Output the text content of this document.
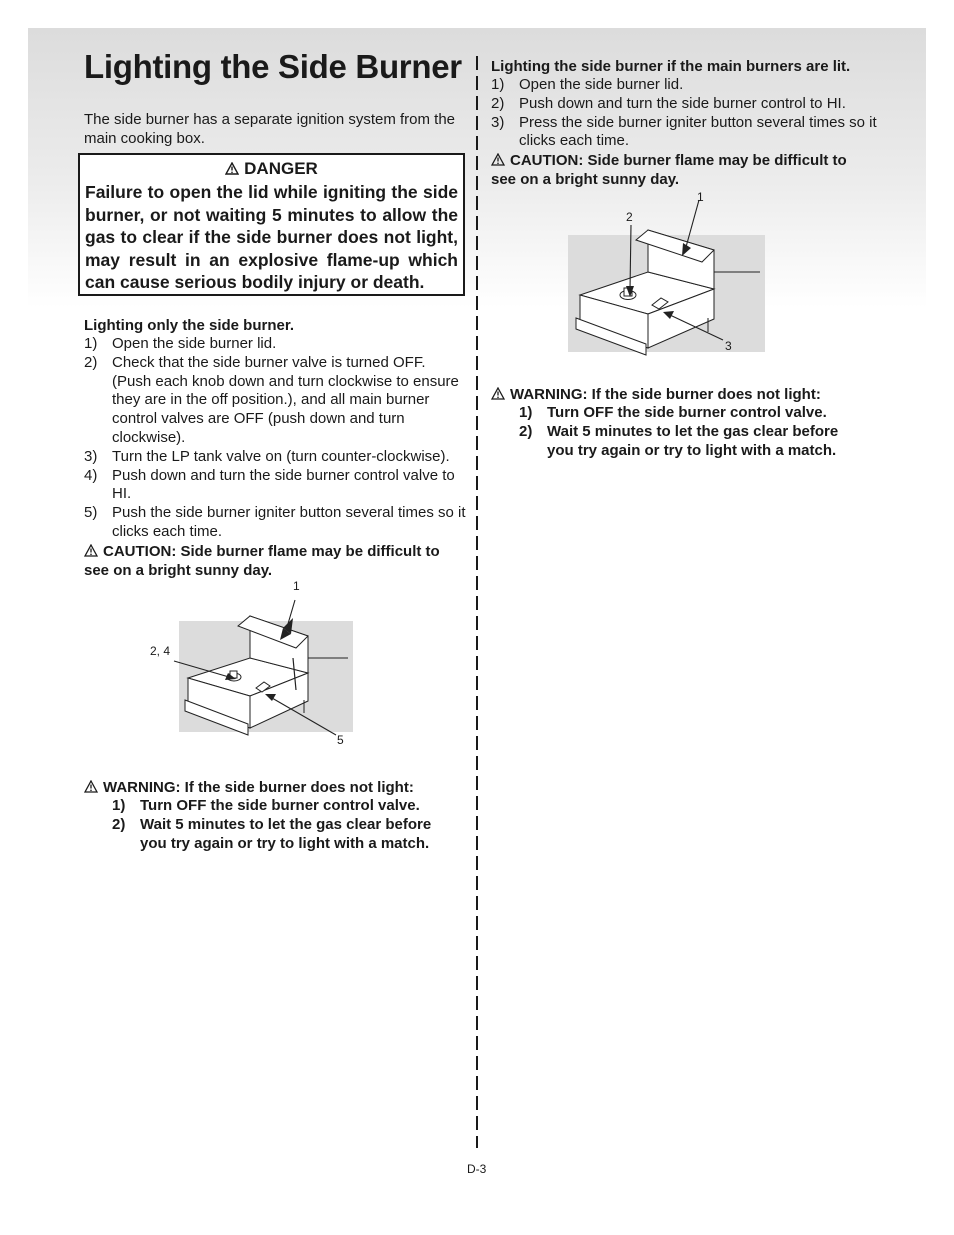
Lighting the Side Burner

The side burner has a separate ignition system from the main cooking box.

DANGER
Failure to open the lid while igniting the side burner, or not waiting 5 minutes to allow the gas to clear if the side burner does not light, may result in an explosive flame-up which can cause serious bodily injury or death.

Lighting only the side burner.

1) Open the side burner lid.
2) Check that the side burner valve is turned OFF. (Push each knob down and turn clockwise to ensure they are in the off position.), and all main burner control valves are OFF (push down and turn clockwise).
3) Turn the LP tank valve on (turn counter-clockwise).
4) Push down and turn the side burner control valve to HI.
5) Push the side burner igniter button several times so it clicks each time.

CAUTION: Side burner flame may be difficult to see on a bright sunny day.

1
2, 4
5

WARNING: If the side burner does not light:

1) Turn OFF the side burner control valve.
2) Wait 5 minutes to let the gas clear before you try again or try to light with a match.

Lighting the side burner if the main burners are lit.

1) Open the side burner lid.
2) Push down and turn the side burner control to HI.
3) Press the side burner igniter button several times so it clicks each time.

CAUTION: Side burner flame may be difficult to see on a bright sunny day.

1
2
3

WARNING: If the side burner does not light:

1) Turn OFF the side burner control valve.
2) Wait 5 minutes to let the gas clear before you try again or try to light with a match.
D-3
